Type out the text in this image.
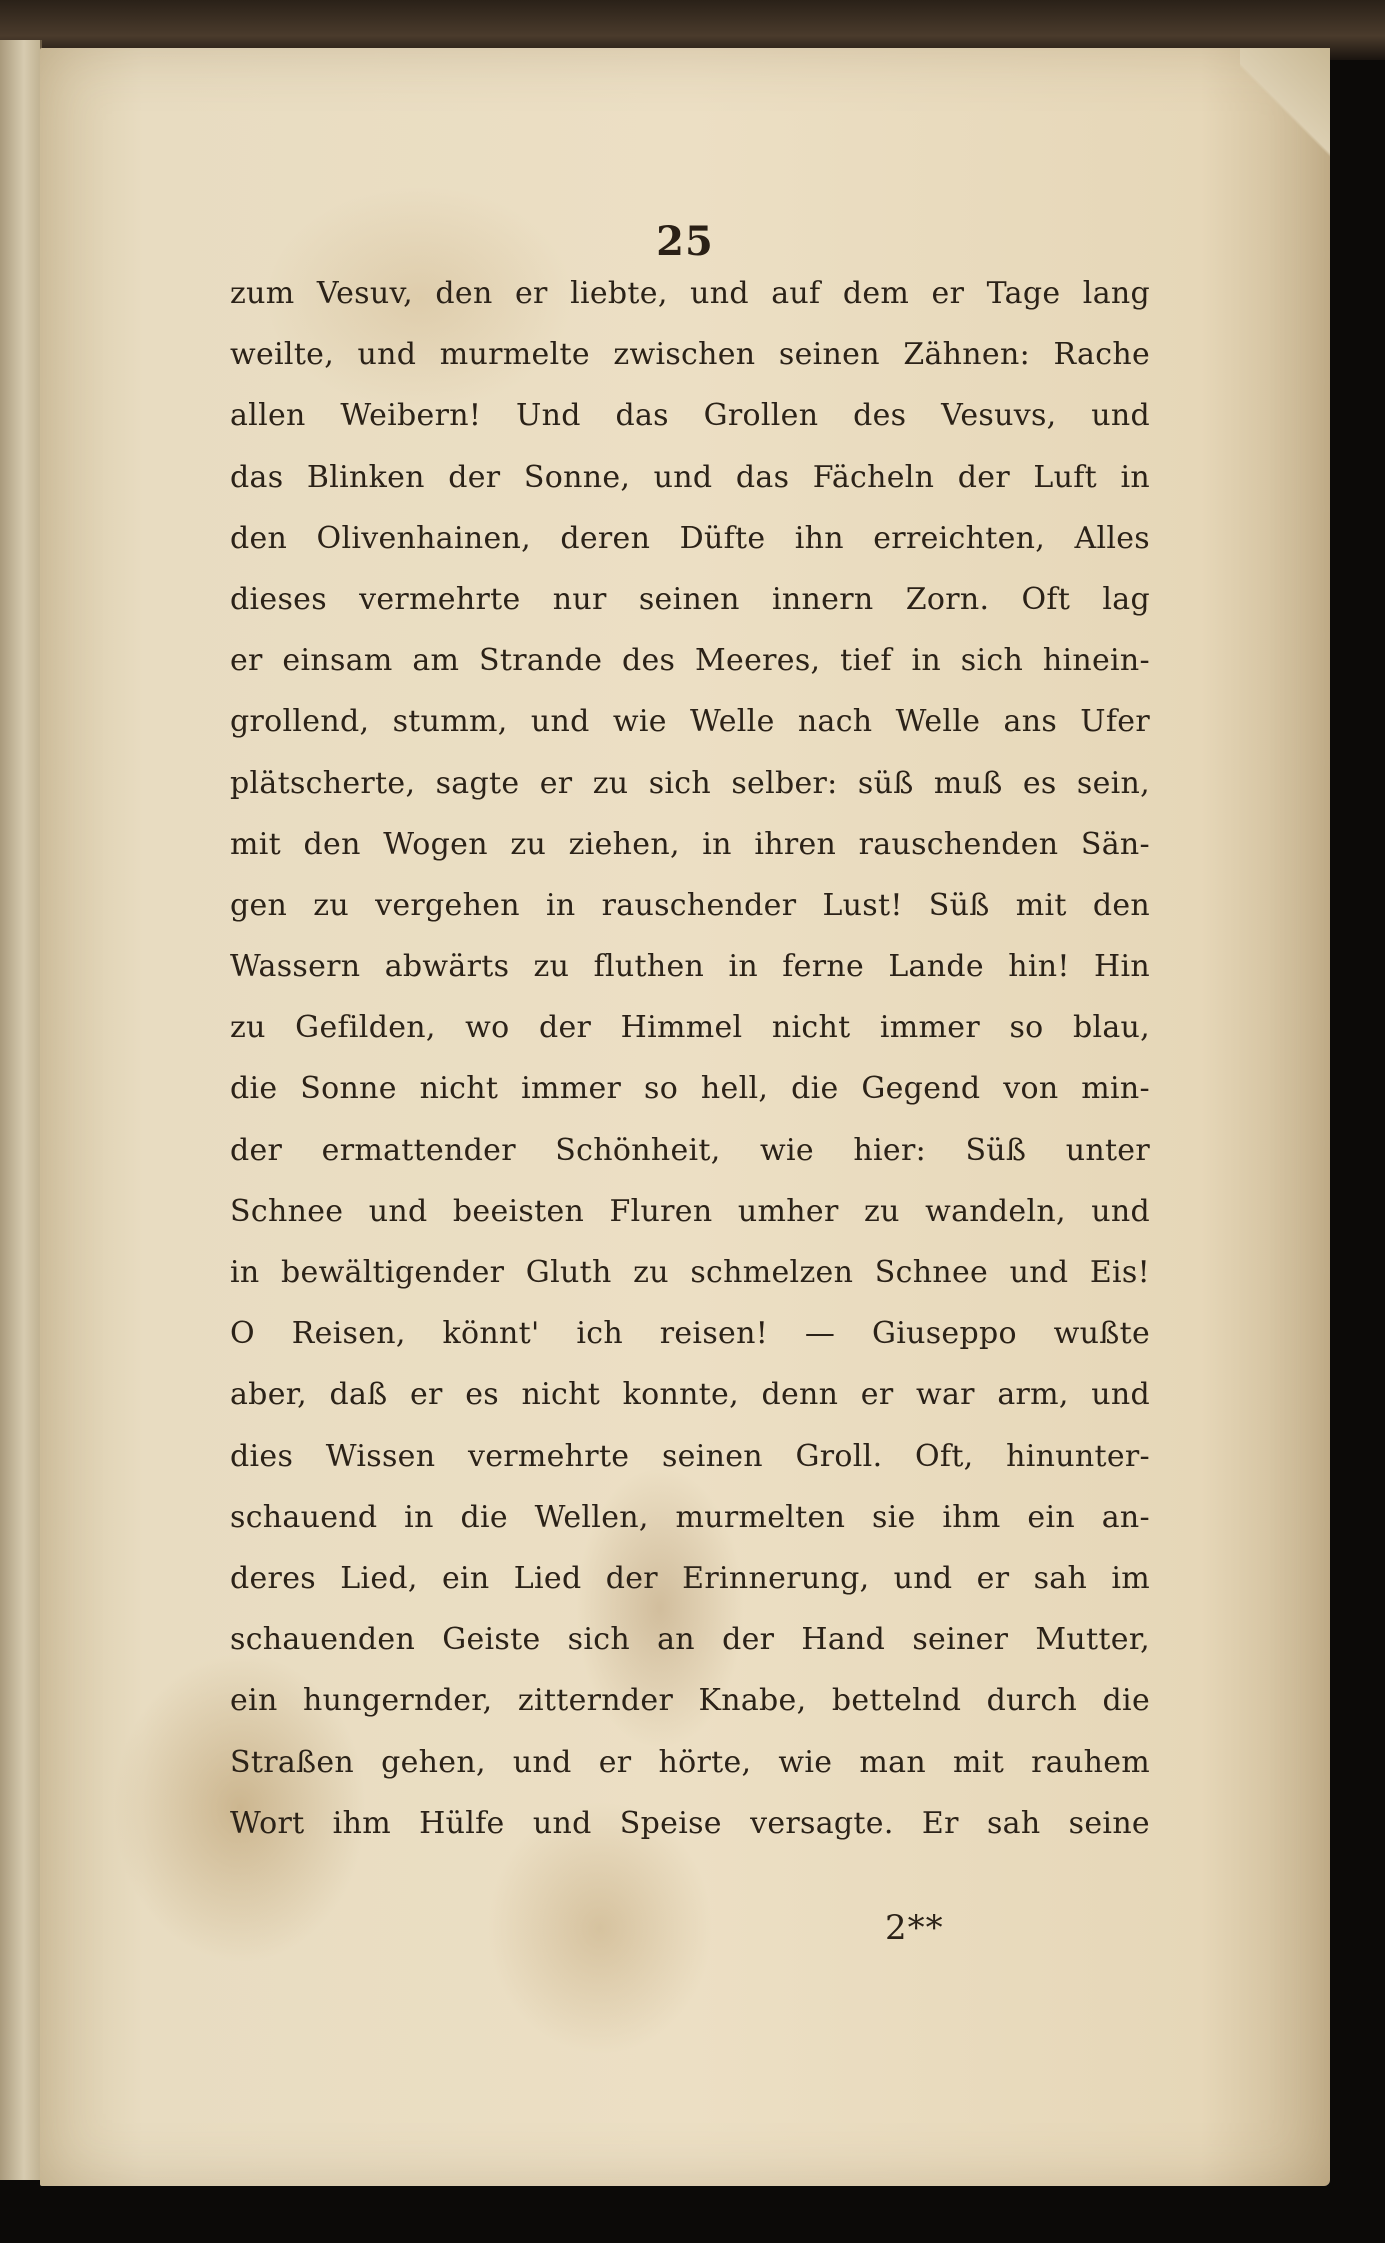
25
zum Vesuv, den er liebte, und auf dem er Tage lang
weilte, und murmelte zwischen seinen Zähnen: Rache
allen Weibern! Und das Grollen des Vesuvs, und
das Blinken der Sonne, und das Fächeln der Luft in
den Olivenhainen, deren Düfte ihn erreichten, Alles
dieses vermehrte nur seinen innern Zorn. Oft lag
er einsam am Strande des Meeres, tief in sich hinein-
grollend, stumm, und wie Welle nach Welle ans Ufer
plätscherte, sagte er zu sich selber: süß muß es sein,
mit den Wogen zu ziehen, in ihren rauschenden Sän-
gen zu vergehen in rauschender Lust! Süß mit den
Wassern abwärts zu fluthen in ferne Lande hin! Hin
zu Gefilden, wo der Himmel nicht immer so blau,
die Sonne nicht immer so hell, die Gegend von min-
der ermattender Schönheit, wie hier: Süß unter
Schnee und beeisten Fluren umher zu wandeln, und
in bewältigender Gluth zu schmelzen Schnee und Eis!
O Reisen, könnt' ich reisen! — Giuseppo wußte
aber, daß er es nicht konnte, denn er war arm, und
dies Wissen vermehrte seinen Groll. Oft, hinunter-
schauend in die Wellen, murmelten sie ihm ein an-
deres Lied, ein Lied der Erinnerung, und er sah im
schauenden Geiste sich an der Hand seiner Mutter,
ein hungernder, zitternder Knabe, bettelnd durch die
Straßen gehen, und er hörte, wie man mit rauhem
Wort ihm Hülfe und Speise versagte. Er sah seine
2**
